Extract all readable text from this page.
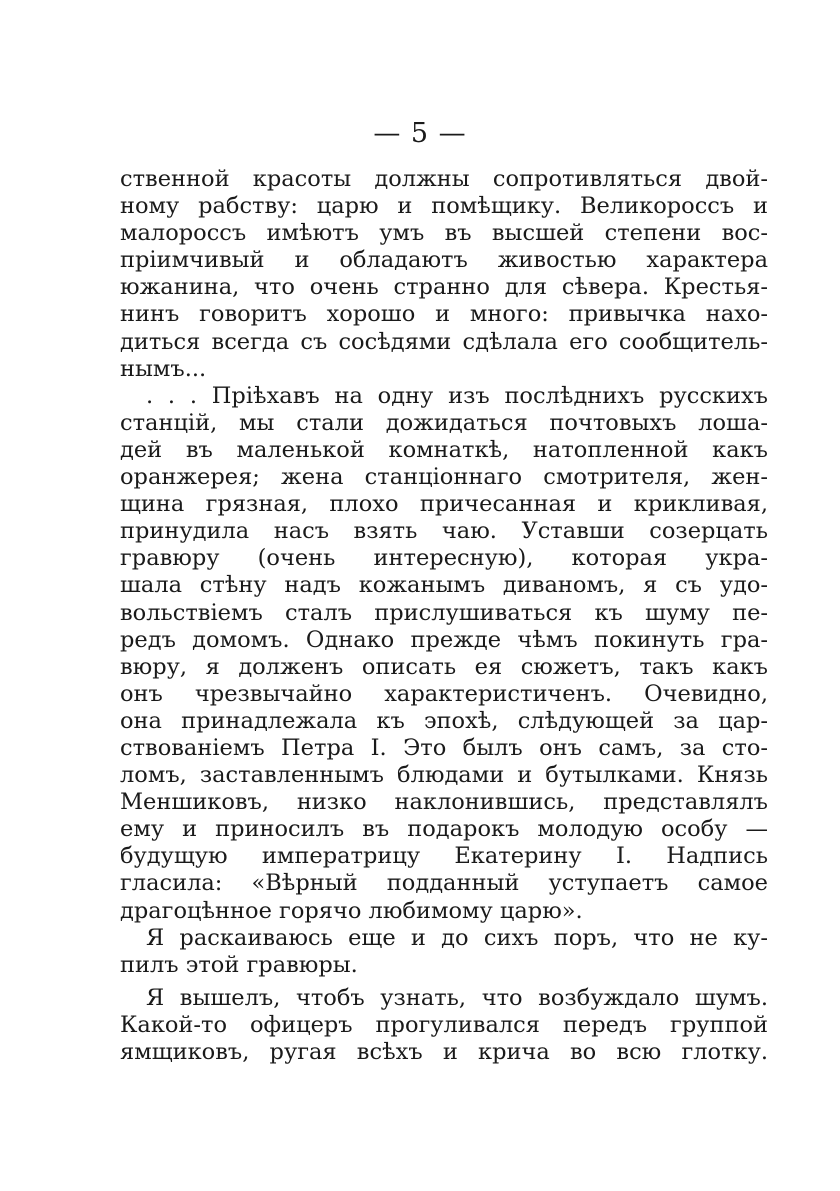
— 5 —
ственной красоты должны сопротивляться двой-
ному рабству: царю и помѣщику. Великороссъ и
малороссъ имѣютъ умъ въ высшей степени вос-
пріимчивый и обладаютъ живостью характера
южанина, что очень странно для сѣвера. Крестья-
нинъ говоритъ хорошо и много: привычка нахо-
диться всегда съ сосѣдями сдѣлала его сообщитель-
нымъ...
. . . Пріѣхавъ на одну изъ послѣднихъ русскихъ
станцій, мы стали дожидаться почтовыхъ лоша-
дей въ маленькой комнаткѣ, натопленной какъ
оранжерея; жена станціоннаго смотрителя, жен-
щина грязная, плохо причесанная и крикливая,
принудила насъ взять чаю. Уставши созерцать
гравюру (очень интересную), которая укра-
шала стѣну надъ кожанымъ диваномъ, я съ удо-
вольствіемъ сталъ прислушиваться къ шуму пе-
редъ домомъ. Однако прежде чѣмъ покинуть гра-
вюру, я долженъ описать ея сюжетъ, такъ какъ
онъ чрезвычайно характеристиченъ. Очевидно,
она принадлежала къ эпохѣ, слѣдующей за цар-
ствованіемъ Петра I. Это былъ онъ самъ, за сто-
ломъ, заставленнымъ блюдами и бутылками. Князь
Меншиковъ, низко наклонившись, представлялъ
ему и приносилъ въ подарокъ молодую особу —
будущую императрицу Екатерину I. Надпись
гласила: «Вѣрный подданный уступаетъ самое
драгоцѣнное горячо любимому царю».
Я раскаиваюсь еще и до сихъ поръ, что не ку-
пилъ этой гравюры.
Я вышелъ, чтобъ узнать, что возбуждало шумъ.
Какой-то офицеръ прогуливался передъ группой
ямщиковъ, ругая всѣхъ и крича во всю глотку.
